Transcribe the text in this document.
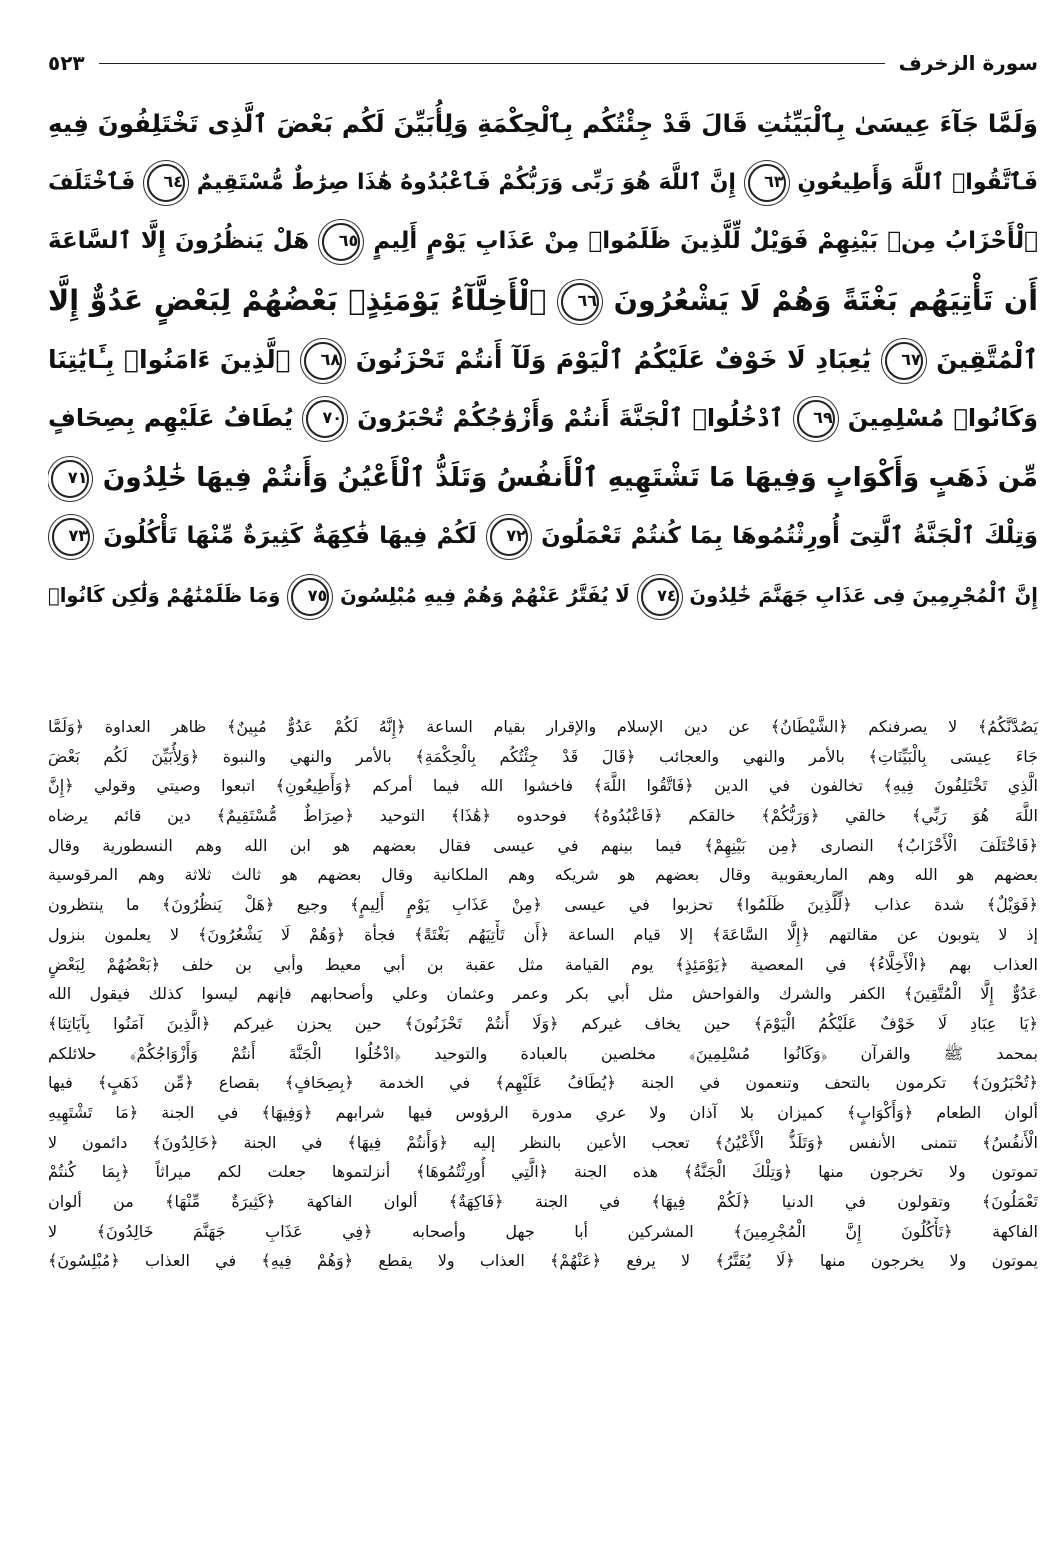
سورة الزخرف
٥٢٣
وَلَمَّا جَآءَ عِيسَىٰ بِٱلْبَيِّنَٰتِ قَالَ قَدْ جِئْتُكُم بِٱلْحِكْمَةِ وَلِأُبَيِّنَ لَكُم بَعْضَ ٱلَّذِى تَخْتَلِفُونَ فِيهِ
فَٱتَّقُوا۟ ٱللَّهَ وَأَطِيعُونِ ٦٣ إِنَّ ٱللَّهَ هُوَ رَبِّى وَرَبُّكُمْ فَٱعْبُدُوهُ هَٰذَا صِرَٰطٌ مُّسْتَقِيمٌ ٦٤ فَٱخْتَلَفَ
ٱلْأَحْزَابُ مِنۢ بَيْنِهِمْ فَوَيْلٌ لِّلَّذِينَ ظَلَمُوا۟ مِنْ عَذَابِ يَوْمٍ أَلِيمٍ ٦٥ هَلْ يَنظُرُونَ إِلَّا ٱلسَّاعَةَ
أَن تَأْتِيَهُم بَغْتَةً وَهُمْ لَا يَشْعُرُونَ ٦٦ ٱلْأَخِلَّآءُ يَوْمَئِذٍۭ بَعْضُهُمْ لِبَعْضٍ عَدُوٌّ إِلَّا
ٱلْمُتَّقِينَ ٦٧ يَٰعِبَادِ لَا خَوْفٌ عَلَيْكُمُ ٱلْيَوْمَ وَلَآ أَنتُمْ تَحْزَنُونَ ٦٨ ٱلَّذِينَ ءَامَنُوا۟ بِـَٔايَٰتِنَا
وَكَانُوا۟ مُسْلِمِينَ ٦٩ ٱدْخُلُوا۟ ٱلْجَنَّةَ أَنتُمْ وَأَزْوَٰجُكُمْ تُحْبَرُونَ ٧٠ يُطَافُ عَلَيْهِم بِصِحَافٍ
مِّن ذَهَبٍ وَأَكْوَابٍ وَفِيهَا مَا تَشْتَهِيهِ ٱلْأَنفُسُ وَتَلَذُّ ٱلْأَعْيُنُ وَأَنتُمْ فِيهَا خَٰلِدُونَ ٧١
وَتِلْكَ ٱلْجَنَّةُ ٱلَّتِىٓ أُورِثْتُمُوهَا بِمَا كُنتُمْ تَعْمَلُونَ ٧٢ لَكُمْ فِيهَا فَٰكِهَةٌ كَثِيرَةٌ مِّنْهَا تَأْكُلُونَ ٧٣
إِنَّ ٱلْمُجْرِمِينَ فِى عَذَابِ جَهَنَّمَ خَٰلِدُونَ ٧٤ لَا يُفَتَّرُ عَنْهُمْ وَهُمْ فِيهِ مُبْلِسُونَ ٧٥ وَمَا ظَلَمْنَٰهُمْ وَلَٰكِن كَانُوا۟
يَصُدَّنَّكُمُ﴾ لا يصرفنكم ﴿الشَّيْطَانُ﴾ عن دين الإسلام والإقرار بقيام الساعة ﴿إِنَّهُ لَكُمْ عَدُوٌّ مُبِينٌ﴾ ظاهر العداوة ﴿وَلَمَّا
جَاءَ عِيسَى بِالْبَيِّنَاتِ﴾ بالأمر والنهي والعجائب ﴿قَالَ قَدْ جِئْتُكُم بِالْحِكْمَةِ﴾ بالأمر والنهي والنبوة ﴿وَلِأُبَيِّنَ لَكُم بَعْضَ
الَّذِي تَخْتَلِفُونَ فِيهِ﴾ تخالفون في الدين ﴿فَاتَّقُوا اللَّهَ﴾ فاخشوا الله فيما أمركم ﴿وَأَطِيعُونِ﴾ اتبعوا وصيتي وقولي ﴿إِنَّ
اللَّهَ هُوَ رَبِّي﴾ خالقي ﴿وَرَبُّكُمْ﴾ خالقكم ﴿فَاعْبُدُوهُ﴾ فوحدوه ﴿هَٰذَا﴾ التوحيد ﴿صِرَاطٌ مُّسْتَقِيمٌ﴾ دين قائم يرضاه
﴿فَاخْتَلَفَ الْأَحْزَابُ﴾ النصارى ﴿مِن بَيْنِهِمْ﴾ فيما بينهم في عيسى فقال بعضهم هو ابن الله وهم النسطورية وقال
بعضهم هو الله وهم الماريعقوبية وقال بعضهم هو شريكه وهم الملكانية وقال بعضهم هو ثالث ثلاثة وهم المرقوسية
﴿فَوَيْلٌ﴾ شدة عذاب ﴿لِّلَّذِينَ ظَلَمُوا﴾ تحزبوا في عيسى ﴿مِنْ عَذَابِ يَوْمٍ أَلِيمٍ﴾ وجيع ﴿هَلْ يَنظُرُونَ﴾ ما ينتظرون
إذ لا يتوبون عن مقالتهم ﴿إِلَّا السَّاعَةَ﴾ إلا قيام الساعة ﴿أَن تَأْتِيَهُم بَغْتَةً﴾ فجأة ﴿وَهُمْ لَا يَشْعُرُونَ﴾ لا يعلمون بنزول
العذاب بهم ﴿الْأَخِلَّاءُ﴾ في المعصية ﴿يَوْمَئِذٍ﴾ يوم القيامة مثل عقبة بن أبي معيط وأبي بن خلف ﴿بَعْضُهُمْ لِبَعْضٍ
عَدُوٌّ إِلَّا الْمُتَّقِينَ﴾ الكفر والشرك والفواحش مثل أبي بكر وعمر وعثمان وعلي وأصحابهم فإنهم ليسوا كذلك فيقول الله
﴿يَا عِبَادِ لَا خَوْفٌ عَلَيْكُمُ الْيَوْمَ﴾ حين يخاف غيركم ﴿وَلَا أَنتُمْ تَحْزَنُونَ﴾ حين يحزن غيركم ﴿الَّذِينَ آمَنُوا بِآيَاتِنَا﴾
بمحمد ﷺ والقرآن ﴿وَكَانُوا مُسْلِمِينَ﴾ مخلصين بالعبادة والتوحيد ﴿ادْخُلُوا الْجَنَّةَ أَنتُمْ وَأَزْوَاجُكُمْ﴾ حلائلكم
﴿تُحْبَرُونَ﴾ تكرمون بالتحف وتنعمون في الجنة ﴿يُطَافُ عَلَيْهِم﴾ في الخدمة ﴿بِصِحَافٍ﴾ بقصاع ﴿مِّن ذَهَبٍ﴾ فيها
ألوان الطعام ﴿وَأَكْوَابٍ﴾ كميزان بلا آذان ولا عري مدورة الرؤوس فيها شرابهم ﴿وَفِيهَا﴾ في الجنة ﴿مَا تَشْتَهِيهِ
الْأَنفُسُ﴾ تتمنى الأنفس ﴿وَتَلَذُّ الْأَعْيُنُ﴾ تعجب الأعين بالنظر إليه ﴿وَأَنتُمْ فِيهَا﴾ في الجنة ﴿خَالِدُونَ﴾ دائمون لا
تموتون ولا تخرجون منها ﴿وَتِلْكَ الْجَنَّةُ﴾ هذه الجنة ﴿الَّتِي أُورِثْتُمُوهَا﴾ أنزلتموها جعلت لكم ميراثاً ﴿بِمَا كُنتُمْ
تَعْمَلُونَ﴾ وتقولون في الدنيا ﴿لَكُمْ فِيهَا﴾ في الجنة ﴿فَاكِهَةٌ﴾ ألوان الفاكهة ﴿كَثِيرَةٌ مِّنْهَا﴾ من ألوان
الفاكهة ﴿تَأْكُلُونَ إِنَّ الْمُجْرِمِينَ﴾ المشركين أبا جهل وأصحابه ﴿فِي عَذَابِ جَهَنَّمَ خَالِدُونَ﴾ لا
يموتون ولا يخرجون منها ﴿لَا يُفَتَّرُ﴾ لا يرفع ﴿عَنْهُمْ﴾ العذاب ولا يقطع ﴿وَهُمْ فِيهِ﴾ في العذاب ﴿مُبْلِسُونَ﴾
